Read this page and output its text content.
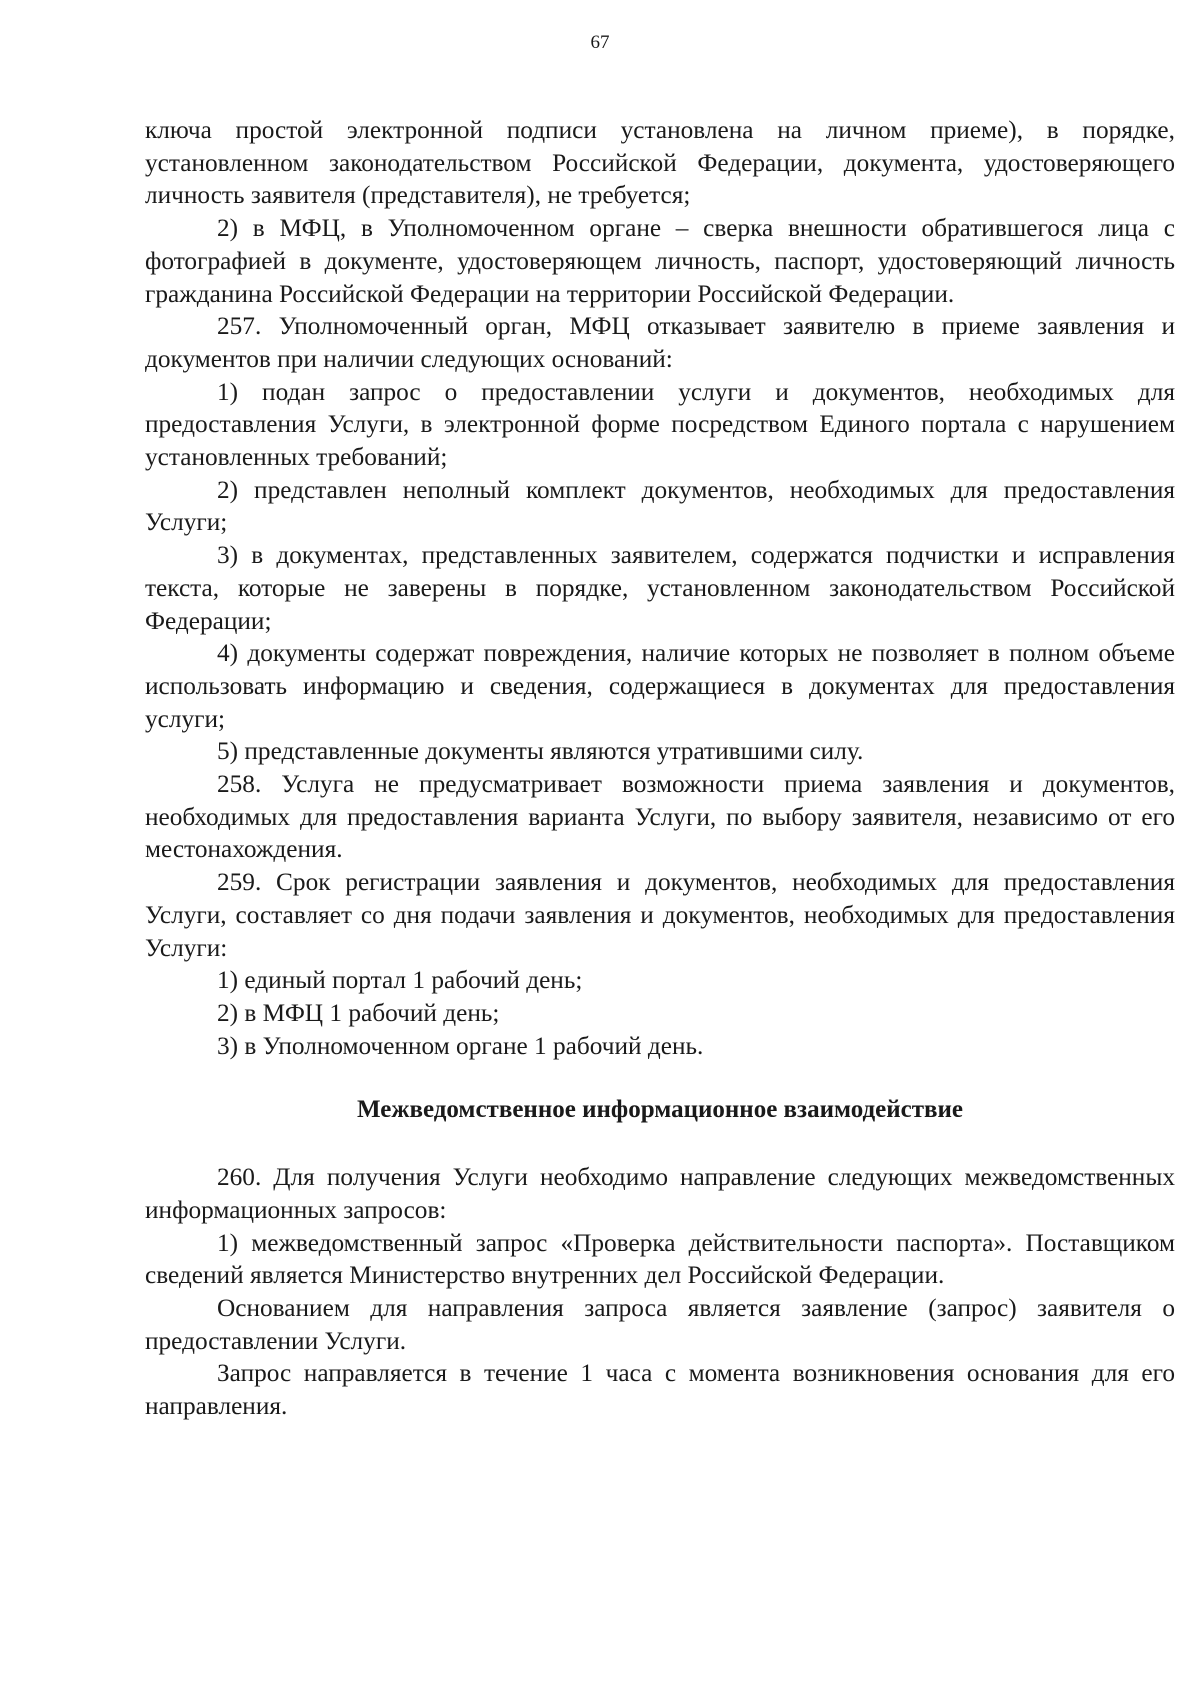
67

ключа простой электронной подписи установлена на личном приеме), в порядке, установленном законодательством Российской Федерации, документа, удостоверяющего личность заявителя (представителя), не требуется;

2) в МФЦ, в Уполномоченном органе – сверка внешности обратившегося лица с фотографией в документе, удостоверяющем личность, паспорт, удостоверяющий личность гражданина Российской Федерации на территории Российской Федерации.

257. Уполномоченный орган, МФЦ отказывает заявителю в приеме заявления и документов при наличии следующих оснований:

1) подан запрос о предоставлении услуги и документов, необходимых для предоставления Услуги, в электронной форме посредством Единого портала с нарушением установленных требований;

2) представлен неполный комплект документов, необходимых для предоставления Услуги;

3) в документах, представленных заявителем, содержатся подчистки и исправления текста, которые не заверены в порядке, установленном законодательством Российской Федерации;

4) документы содержат повреждения, наличие которых не позволяет в полном объеме использовать информацию и сведения, содержащиеся в документах для предоставления услуги;

5) представленные документы являются утратившими силу.

258. Услуга не предусматривает возможности приема заявления и документов, необходимых для предоставления варианта Услуги, по выбору заявителя, независимо от его местонахождения.

259. Срок регистрации заявления и документов, необходимых для предоставления Услуги, составляет со дня подачи заявления и документов, необходимых для предоставления Услуги:

1) единый портал 1 рабочий день;

2) в МФЦ 1 рабочий день;

3) в Уполномоченном органе 1 рабочий день.

Межведомственное информационное взаимодействие

260. Для получения Услуги необходимо направление следующих межведомственных информационных запросов:

1) межведомственный запрос «Проверка действительности паспорта». Поставщиком сведений является Министерство внутренних дел Российской Федерации.

Основанием для направления запроса является заявление (запрос) заявителя о предоставлении Услуги.

Запрос направляется в течение 1 часа с момента возникновения основания для его направления.
